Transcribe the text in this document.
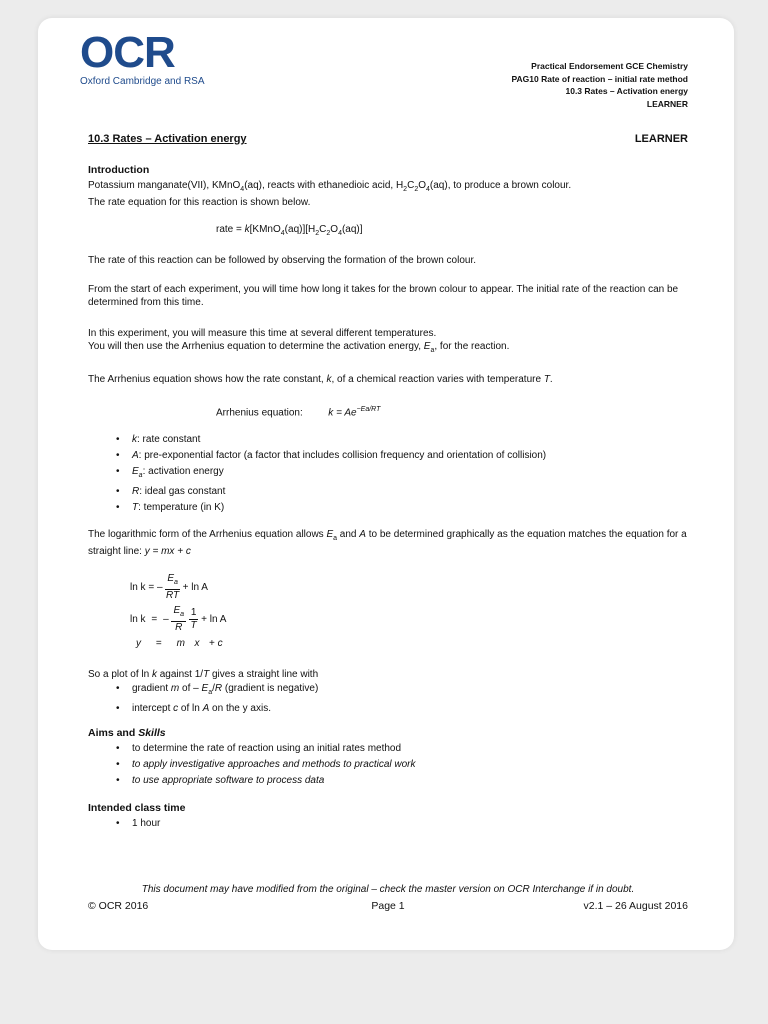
OCR
Oxford Cambridge and RSA
Practical Endorsement GCE Chemistry
PAG10 Rate of reaction – initial rate method
10.3 Rates – Activation energy
LEARNER
10.3 Rates – Activation energy	LEARNER
Introduction
Potassium manganate(VII), KMnO$_4$(aq), reacts with ethanedioic acid, $H_2C_2O_4(aq)$, to produce a brown colour.
The rate equation for this reaction is shown below.
rate = $k[KMnO_4(aq)][H_2C_2O_4(aq)]$
The rate of this reaction can be followed by observing the formation of the brown colour.
From the start of each experiment, you will time how long it takes for the brown colour to appear. The initial rate of the reaction can be determined from this time.
In this experiment, you will measure this time at several different temperatures.
You will then use the Arrhenius equation to determine the activation energy, $E_a$, for the reaction.
The Arrhenius equation shows how the rate constant, k, of a chemical reaction varies with temperature T.
Arrhenius equation:	$k = Ae^{-Ea/RT}$
• k: rate constant
• A: pre-exponential factor (a factor that includes collision frequency and orientation of collision)
• $E_a$: activation energy
• R: ideal gas constant
• T: temperature (in K)
The logarithmic form of the Arrhenius equation allows $E_a$ and A to be determined graphically as the equation matches the equation for a straight line: y = mx + c
ln k = – $\frac{E_a}{RT} + \ln A$
ln k = – $\frac{E_a}{R}$
$\frac{1}{T} + \ln A$
y = m x + c
So a plot of ln k against 1/T gives a straight line with
• gradient m of – $E_a/R$ (gradient is negative)
• intercept c of ln A on the y axis.
Aims and Skills
• to determine the rate of reaction using an initial rates method
• to apply investigative approaches and methods to practical work
• to use appropriate software to process data
Intended class time
• 1 hour
This document may have modified from the original – check the master version on OCR Interchange if in doubt.
© OCR 2016	Page 1	v2.1 – 26 August 2016
